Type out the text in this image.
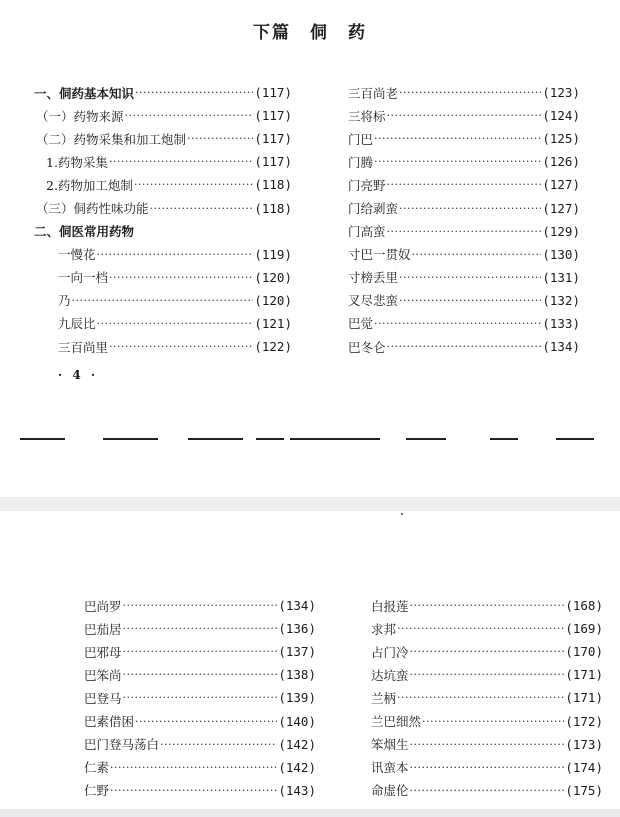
下篇　侗　药
一、侗药基本知识 ·····	(117)
（一）药物来源 ·····	(117)
（二）药物采集和加工炮制 ·····	(117)
1.药物采集 ·····	(117)
2.药物加工炮制 ·····	(118)
（三）侗药性味功能 ·····	(118)
二、侗医常用药物
一慢花 ·····	(119)
一向一档 ·····	(120)
乃 ·····	(120)
九辰比 ·····	(121)
三百尚里 ·····	(122)
三百尚老 ·····	(123)
三将标 ·····	(124)
门巴 ·····	(125)
门腾 ·····	(126)
门亮野 ·····	(127)
门给剥蛮 ·····	(127)
门高蛮 ·····	(129)
寸巴一贯奴 ·····	(130)
寸榜丢里 ·····	(131)
叉尽悲蛮 ·····	(132)
巴觉 ·····	(133)
巴冬仑 ·····	(134)
· 4 ·
巴尚罗 ·····	(134)
巴茄居 ·····	(136)
巴邪母 ·····	(137)
巴笨尚 ·····	(138)
巴登马 ·····	(139)
巴素借困 ·····	(140)
巴门登马荡白 ·····	(142)
仁素 ·····	(142)
仁野 ·····	(143)
白报莲 ·····	(168)
求邦 ·····	(169)
占门冷 ·····	(170)
达坑蛮 ·····	(171)
兰柄 ·····	(171)
兰巴细然 ·····	(172)
笨烟生 ·····	(173)
讯蛮本 ·····	(174)
命虚伦 ·····	(175)
